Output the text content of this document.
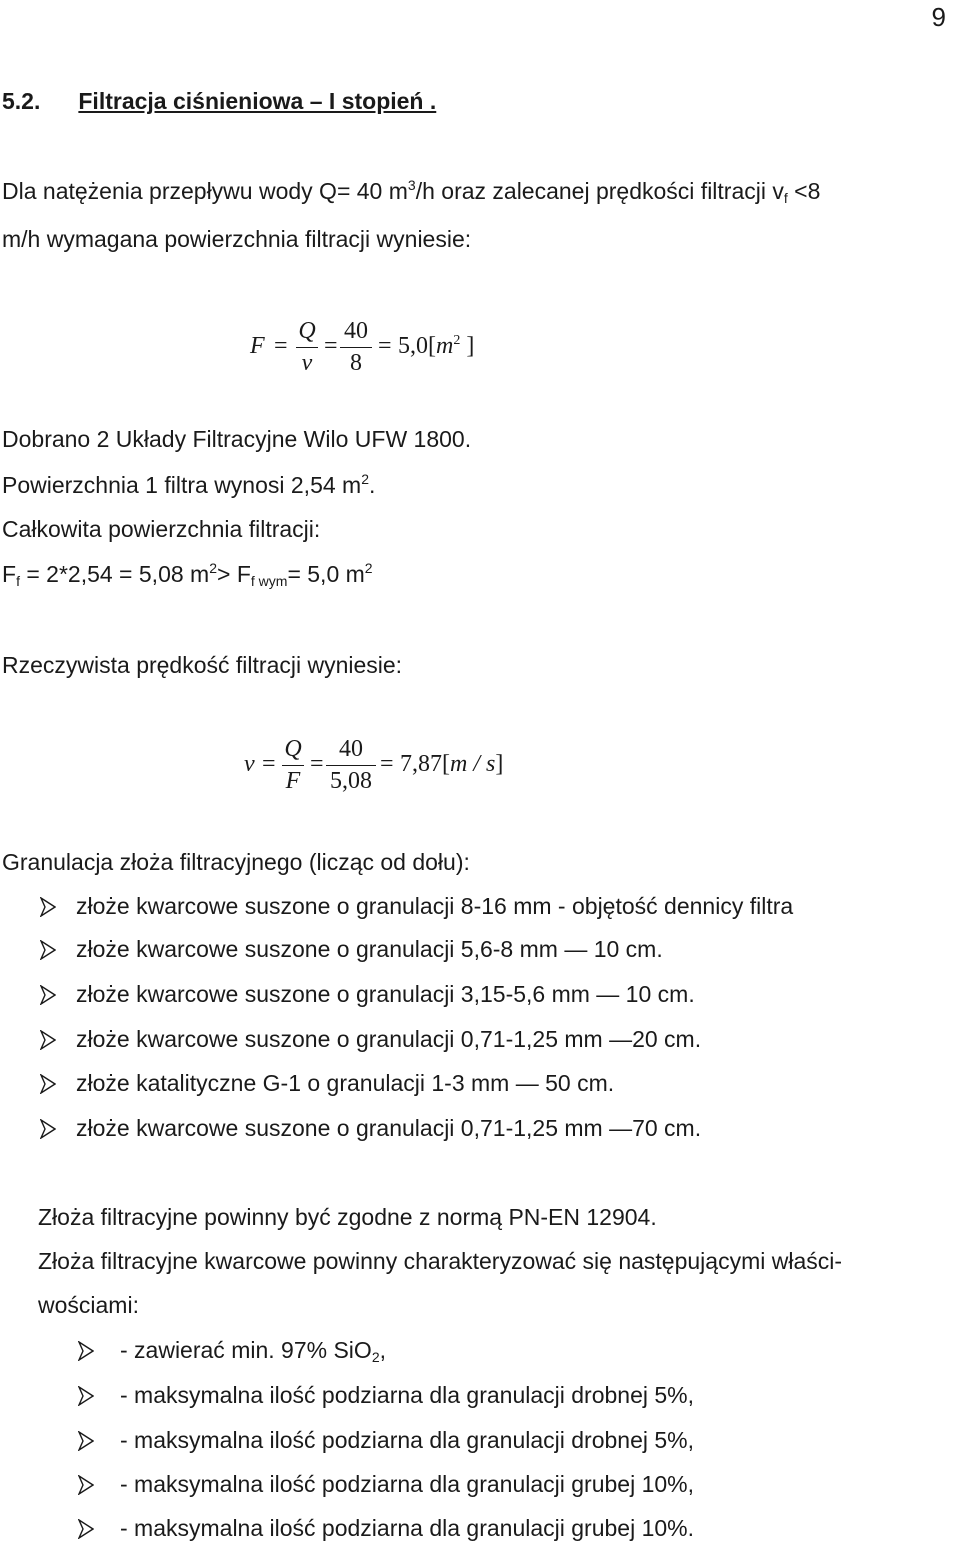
9
5.2. Filtracja ciśnieniowa – I stopień .
Dla natężenia przepływu wody Q= 40 $m^3/h$ oraz zalecanej prędkości filtracji $v_f <8$
m/h wymagana powierzchnia filtracji wyniesie:
F =
Q
v
=
40
8
= $5,0[m^2$ ]
Dobrano 2 Układy Filtracyjne Wilo UFW 1800.
Powierzchnia 1 filtra wynosi 2,54 $m^2$.
Całkowita powierzchnia filtracji:
$F_f = 2*2,54 = 5,08$ $m^2> F_{f wym}= 5,0$ $m^2$
Rzeczywista prędkość filtracji wyniesie:
v =
Q
F
=
40
5,08
= 7,87[m / s]
Granulacja złoża filtracyjnego (licząc od dołu):
złoże kwarcowe suszone o granulacji 8-16 mm - objętość dennicy filtra
złoże kwarcowe suszone o granulacji 5,6-8 mm — 10 cm.
złoże kwarcowe suszone o granulacji 3,15-5,6 mm — 10 cm.
złoże kwarcowe suszone o granulacji 0,71-1,25 mm —20 cm.
złoże katalityczne G-1 o granulacji 1-3 mm — 50 cm.
złoże kwarcowe suszone o granulacji 0,71-1,25 mm —70 cm.
Złoża filtracyjne powinny być zgodne z normą PN-EN 12904.
Złoża filtracyjne kwarcowe powinny charakteryzować się następującymi właści-
wościami:
- zawierać min. 97% SiO$_2$,
- maksymalna ilość podziarna dla granulacji drobnej 5%,
- maksymalna ilość podziarna dla granulacji drobnej 5%,
- maksymalna ilość podziarna dla granulacji grubej 10%,
- maksymalna ilość podziarna dla granulacji grubej 10%.
